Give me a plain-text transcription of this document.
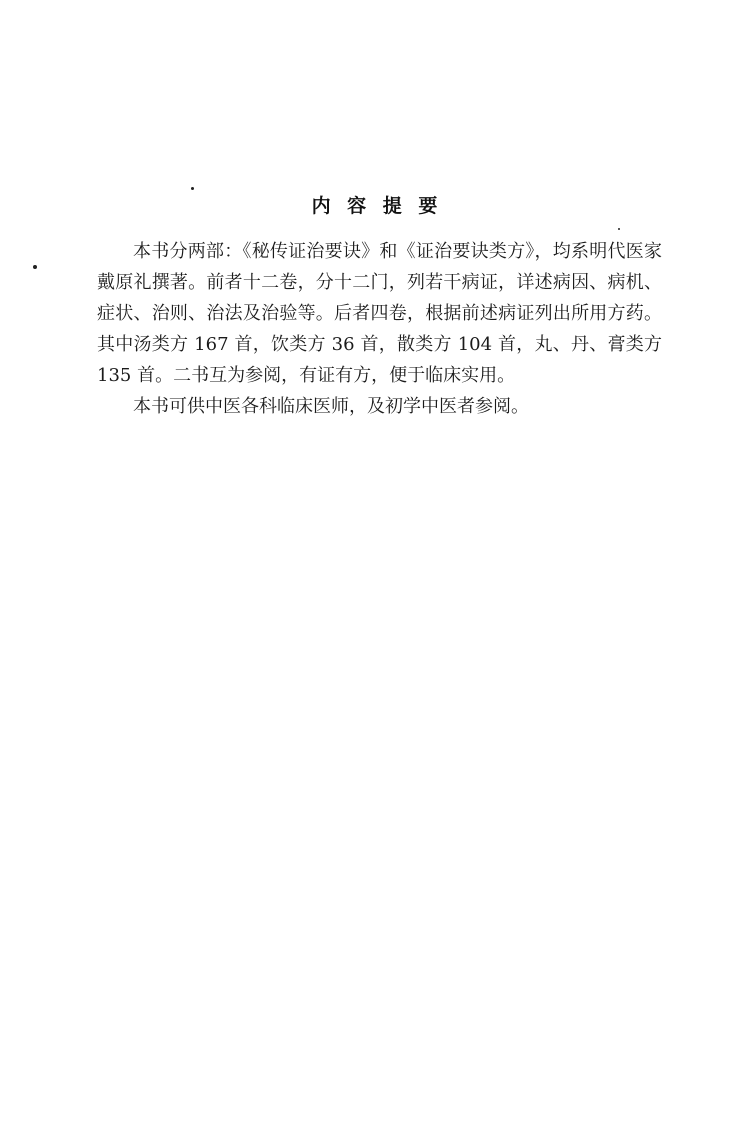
内 容 提 要

本书分两部：《秘传证治要诀》和《证治要诀类方》，均系明代医家戴原礼撰著。前者十二卷，分十二门，列若干病证，详述病因、病机、症状、治则、治法及治验等。后者四卷，根据前述病证列出所用方药。其中汤类方 167 首，饮类方 36 首，散类方 104 首，丸、丹、膏类方 135 首。二书互为参阅，有证有方，便于临床实用。

本书可供中医各科临床医师，及初学中医者参阅。
